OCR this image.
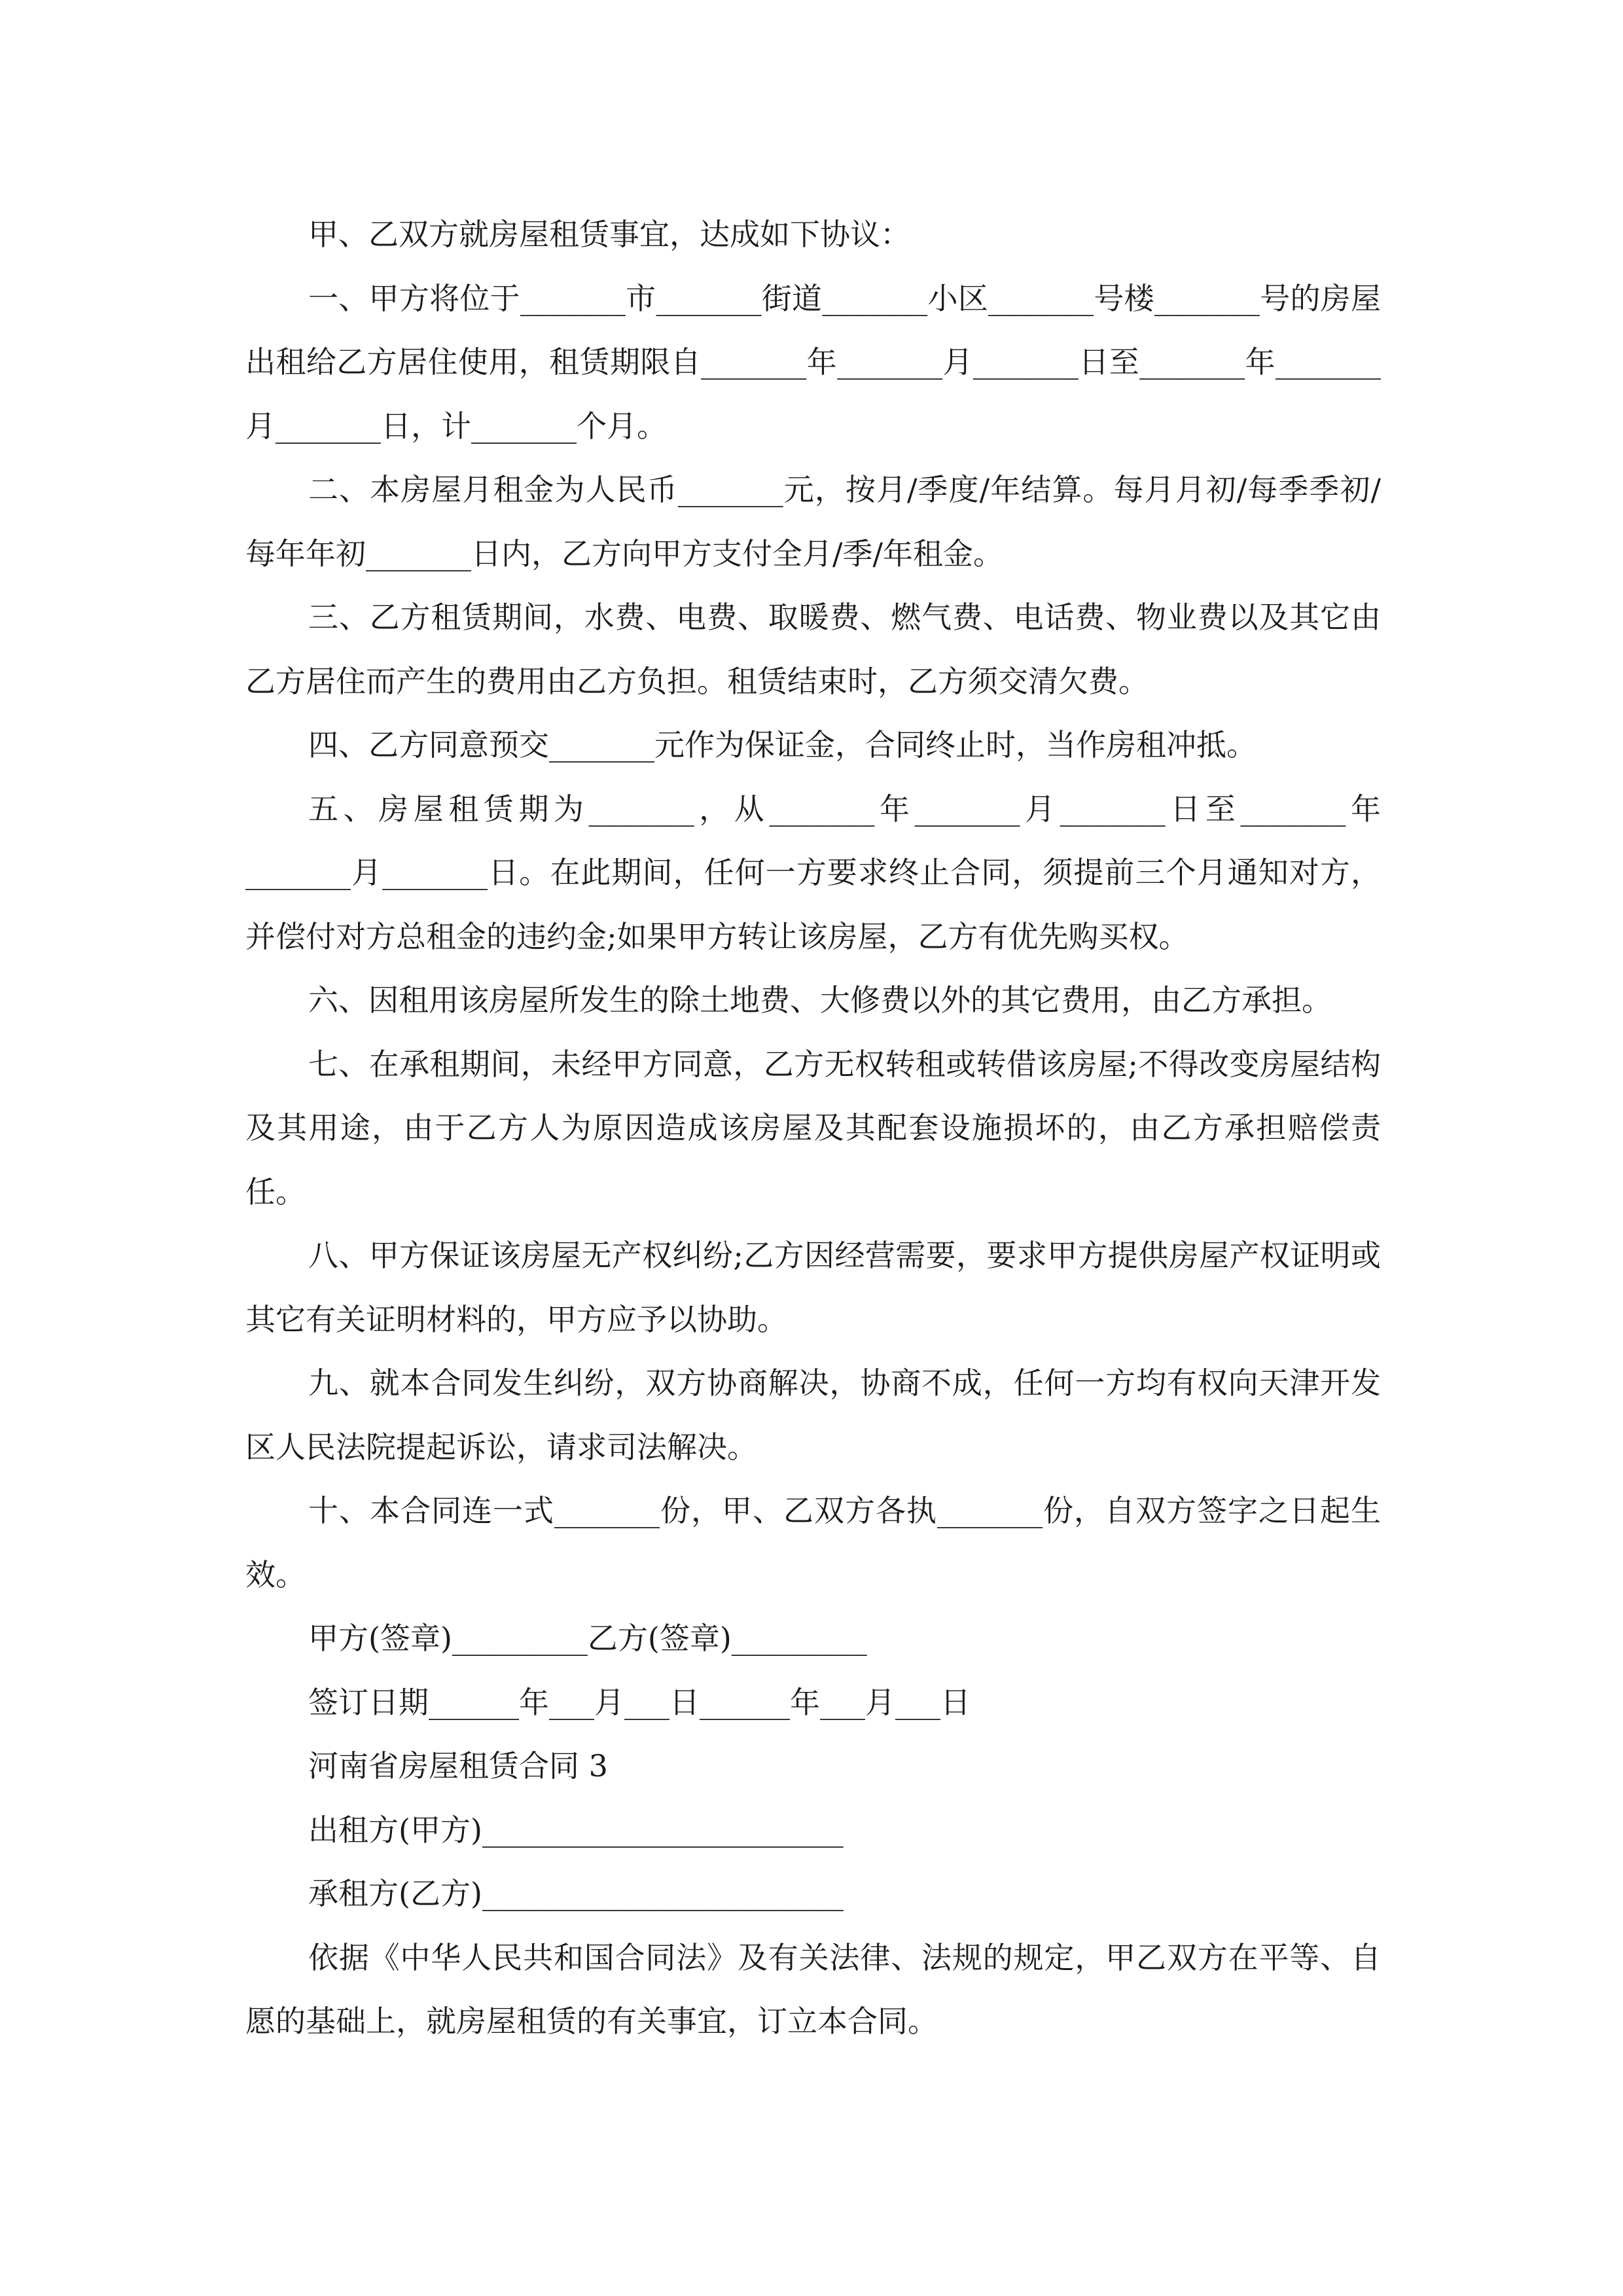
甲、乙双方就房屋租赁事宜，达成如下协议：

一、甲方将位于_______市_______街道_______小区_______号楼_______号的房屋出租给乙方居住使用，租赁期限自_______年_______月_______日至_______年_______月_______日，计_______个月。

二、本房屋月租金为人民币_______元，按月/季度/年结算。每月月初/每季季初/每年年初_______日内，乙方向甲方支付全月/季/年租金。

三、乙方租赁期间，水费、电费、取暖费、燃气费、电话费、物业费以及其它由乙方居住而产生的费用由乙方负担。租赁结束时，乙方须交清欠费。

四、乙方同意预交_______元作为保证金，合同终止时，当作房租冲抵。

五、房屋租赁期为_______，从_______年_______月_______日至_______年_______月_______日。在此期间，任何一方要求终止合同，须提前三个月通知对方，并偿付对方总租金的违约金;如果甲方转让该房屋，乙方有优先购买权。

六、因租用该房屋所发生的除土地费、大修费以外的其它费用，由乙方承担。

七、在承租期间，未经甲方同意，乙方无权转租或转借该房屋;不得改变房屋结构及其用途，由于乙方人为原因造成该房屋及其配套设施损坏的，由乙方承担赔偿责任。

八、甲方保证该房屋无产权纠纷;乙方因经营需要，要求甲方提供房屋产权证明或其它有关证明材料的，甲方应予以协助。

九、就本合同发生纠纷，双方协商解决，协商不成，任何一方均有权向天津开发区人民法院提起诉讼，请求司法解决。

十、本合同连一式_______份，甲、乙双方各执_______份，自双方签字之日起生效。

甲方(签章)_________乙方(签章)_________

签订日期______年___月___日______年___月___日

河南省房屋租赁合同 3

出租方(甲方)________________________

承租方(乙方)________________________

依据《中华人民共和国合同法》及有关法律、法规的规定，甲乙双方在平等、自愿的基础上，就房屋租赁的有关事宜，订立本合同。
